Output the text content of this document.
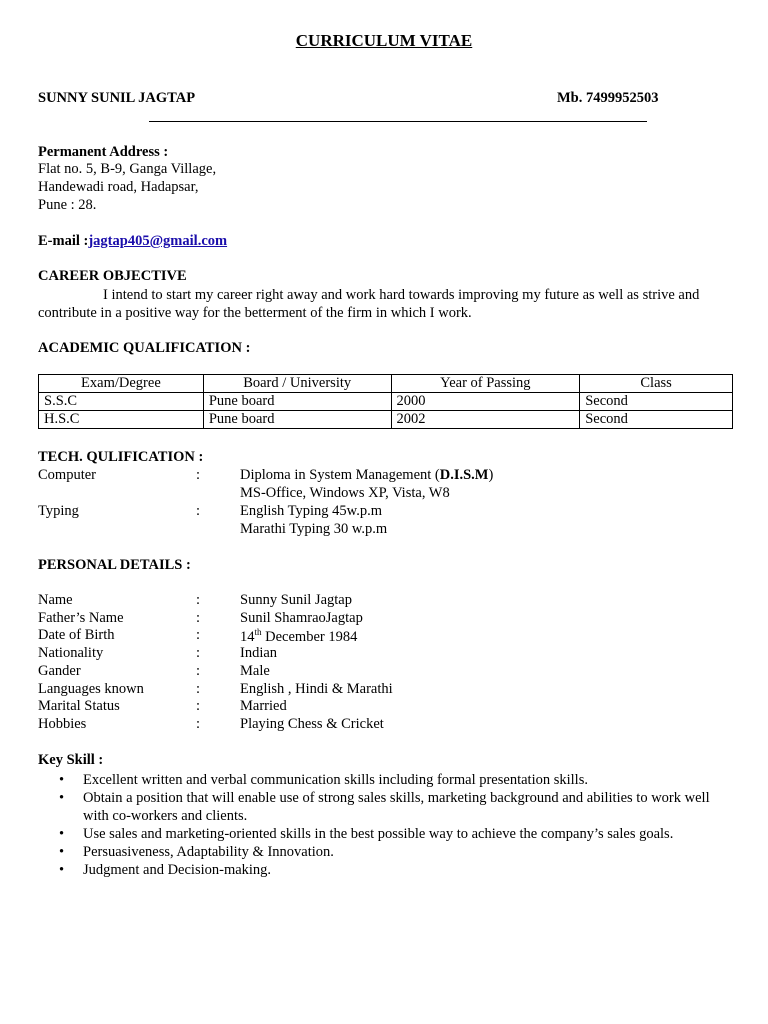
CURRICULUM VITAE
SUNNY SUNIL JAGTAP	Mb. 7499952503
Permanent Address :
Flat no. 5, B-9, Ganga Village,
Handewadi road, Hadapsar,
Pune : 28.
E-mail :jagtap405@gmail.com
CAREER OBJECTIVE
I intend to start my career right away and work hard towards improving my future as well as strive and contribute in a positive way for the betterment of the firm in which I work.
ACADEMIC QUALIFICATION :
Exam/Degree	Board / University	Year of Passing	Class
S.S.C	Pune board	2000	Second
H.S.C	Pune board	2002	Second
TECH. QULIFICATION :
Computer	:	Diploma in System Management (D.I.S.M)
MS-Office, Windows XP, Vista, W8
Typing	:	English Typing 45w.p.m
Marathi Typing 30 w.p.m
PERSONAL DETAILS :
Name	:	Sunny Sunil Jagtap
Father’s Name	:	Sunil ShamraoJagtap
Date of Birth	:	14th December 1984
Nationality	:	Indian
Gander	:	Male
Languages known	:	English , Hindi & Marathi
Marital Status	:	Married
Hobbies	:	Playing Chess & Cricket
Key Skill :
• Excellent written and verbal communication skills including formal presentation skills.
• Obtain a position that will enable use of strong sales skills, marketing background and abilities to work well with co-workers and clients.
• Use sales and marketing-oriented skills in the best possible way to achieve the company’s sales goals.
• Persuasiveness, Adaptability & Innovation.
• Judgment and Decision-making.
